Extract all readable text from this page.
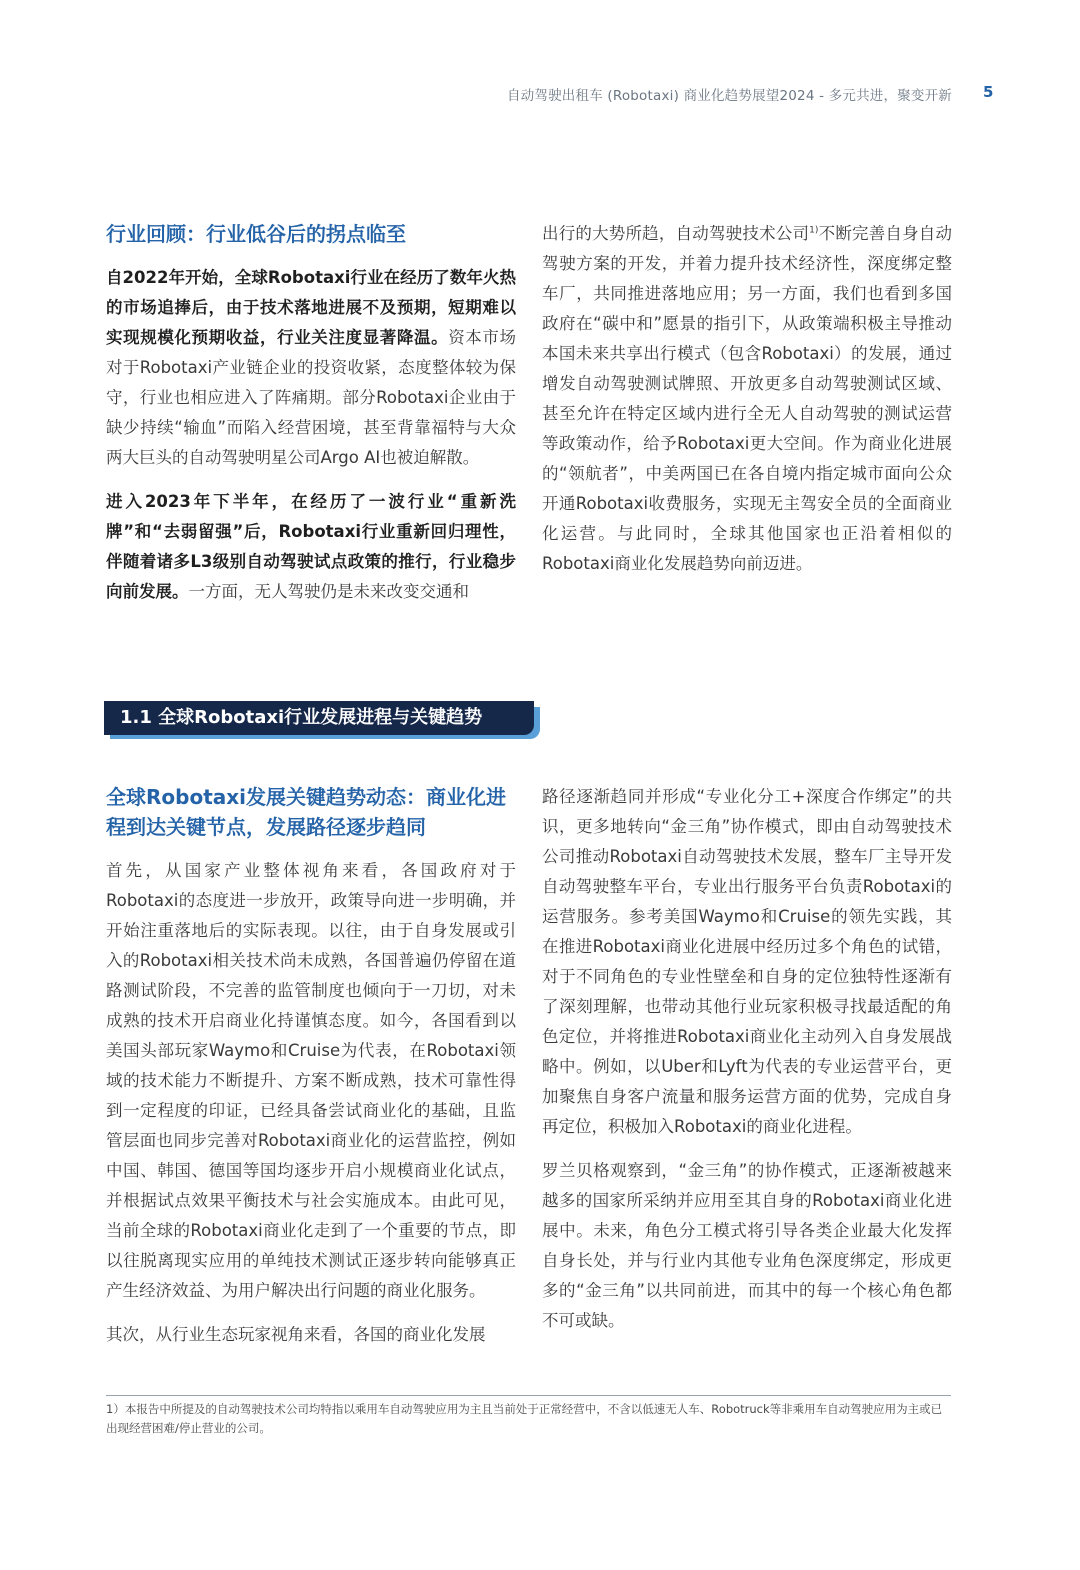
自动驾驶出租车 (Robotaxi) 商业化趋势展望2024 - 多元共进，聚变开新 5
行业回顾：行业低谷后的拐点临至

自2022年开始，全球Robotaxi行业在经历了数年火热的市场追捧后，由于技术落地进展不及预期，短期难以实现规模化预期收益，行业关注度显著降温。资本市场对于Robotaxi产业链企业的投资收紧，态度整体较为保守，行业也相应进入了阵痛期。部分Robotaxi企业由于缺少持续“输血”而陷入经营困境，甚至背靠福特与大众两大巨头的自动驾驶明星公司Argo AI也被迫解散。

进入2023年下半年，在经历了一波行业“重新洗牌”和“去弱留强”后，Robotaxi行业重新回归理性，伴随着诸多L3级别自动驾驶试点政策的推行，行业稳步向前发展。一方面，无人驾驶仍是未来改变交通和

出行的大势所趋，自动驾驶技术公司$^{1)}$不断完善自身自动驾驶方案的开发，并着力提升技术经济性，深度绑定整车厂，共同推进落地应用；另一方面，我们也看到多国政府在“碳中和”愿景的指引下，从政策端积极主导推动本国未来共享出行模式（包含Robotaxi）的发展，通过增发自动驾驶测试牌照、开放更多自动驾驶测试区域、甚至允许在特定区域内进行全无人自动驾驶的测试运营等政策动作，给予Robotaxi更大空间。作为商业化进展的“领航者”，中美两国已在各自境内指定城市面向公众开通Robotaxi收费服务，实现无主驾安全员的全面商业化运营。与此同时，全球其他国家也正沿着相似的Robotaxi商业化发展趋势向前迈进。

1.1 全球Robotaxi行业发展进程与关键趋势
全球Robotaxi发展关键趋势动态：商业化进程到达关键节点，发展路径逐步趋同

首先，从国家产业整体视角来看，各国政府对于Robotaxi的态度进一步放开，政策导向进一步明确，并开始注重落地后的实际表现。以往，由于自身发展或引入的Robotaxi相关技术尚未成熟，各国普遍仍停留在道路测试阶段，不完善的监管制度也倾向于一刀切，对未成熟的技术开启商业化持谨慎态度。如今，各国看到以美国头部玩家Waymo和Cruise为代表，在Robotaxi领域的技术能力不断提升、方案不断成熟，技术可靠性得到一定程度的印证，已经具备尝试商业化的基础，且监管层面也同步完善对Robotaxi商业化的运营监控，例如中国、韩国、德国等国均逐步开启小规模商业化试点，并根据试点效果平衡技术与社会实施成本。由此可见，当前全球的Robotaxi商业化走到了一个重要的节点，即以往脱离现实应用的单纯技术测试正逐步转向能够真正产生经济效益、为用户解决出行问题的商业化服务。

其次，从行业生态玩家视角来看，各国的商业化发展

路径逐渐趋同并形成“专业化分工+深度合作绑定”的共识，更多地转向“金三角”协作模式，即由自动驾驶技术公司推动Robotaxi自动驾驶技术发展，整车厂主导开发自动驾驶整车平台，专业出行服务平台负责Robotaxi的运营服务。参考美国Waymo和Cruise的领先实践，其在推进Robotaxi商业化进展中经历过多个角色的试错，对于不同角色的专业性壁垒和自身的定位独特性逐渐有了深刻理解，也带动其他行业玩家积极寻找最适配的角色定位，并将推进Robotaxi商业化主动列入自身发展战略中。例如，以Uber和Lyft为代表的专业运营平台，更加聚焦自身客户流量和服务运营方面的优势，完成自身再定位，积极加入Robotaxi的商业化进程。

罗兰贝格观察到，“金三角”的协作模式，正逐渐被越来越多的国家所采纳并应用至其自身的Robotaxi商业化进展中。未来，角色分工模式将引导各类企业最大化发挥自身长处，并与行业内其他专业角色深度绑定，形成更多的“金三角”以共同前进，而其中的每一个核心角色都不可或缺。

1）本报告中所提及的自动驾驶技术公司均特指以乘用车自动驾驶应用为主且当前处于正常经营中，不含以低速无人车、Robotruck等非乘用车自动驾驶应用为主或已出现经营困难/停止营业的公司。
